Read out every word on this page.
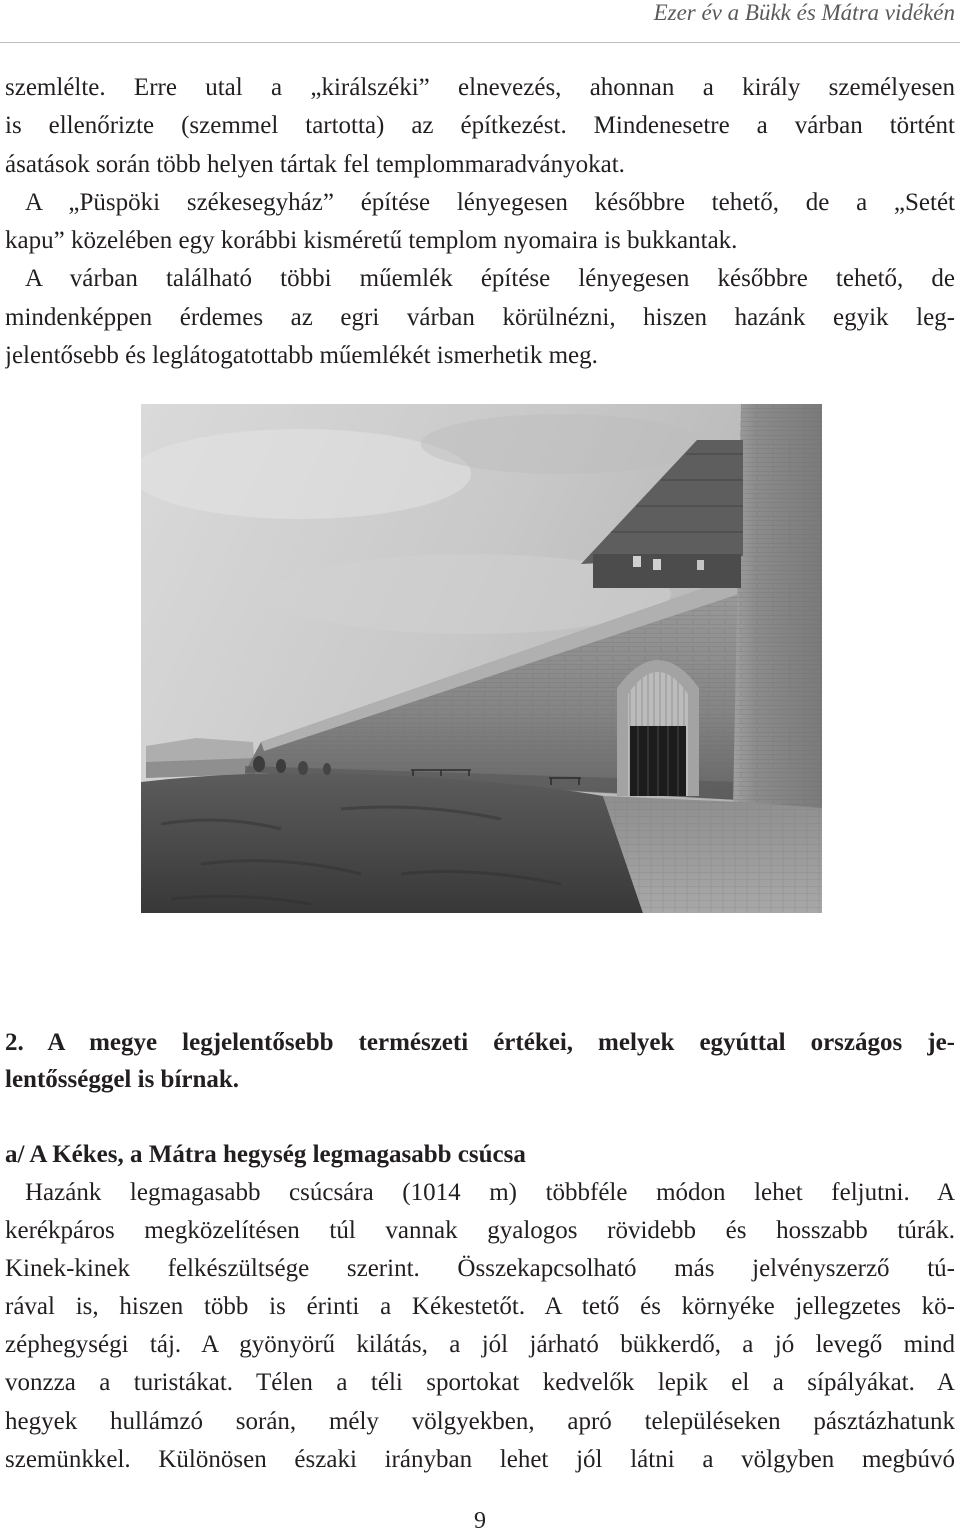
Ezer év a Bükk és Mátra vidékén
szemlélte. Erre utal a „királszéki” elnevezés, ahonnan a király személyesen
is ellenőrizte (szemmel tartotta) az építkezést. Mindenesetre a várban történt
ásatások során több helyen tártak fel templommaradványokat.
A „Püspöki székesegyház” építése lényegesen későbbre tehető, de a „Setét
kapu” közelében egy korábbi kisméretű templom nyomaira is bukkantak.
A várban található többi műemlék építése lényegesen későbbre tehető, de
mindenképpen érdemes az egri várban körülnézni, hiszen hazánk egyik leg-
jelentősebb és leglátogatottabb műemlékét ismerhetik meg.
2. A megye legjelentősebb természeti értékei, melyek egyúttal országos je-
lentősséggel is bírnak.
a/ A Kékes, a Mátra hegység legmagasabb csúcsa
Hazánk legmagasabb csúcsára (1014 m) többféle módon lehet feljutni. A
kerékpáros megközelítésen túl vannak gyalogos rövidebb és hosszabb túrák.
Kinek-kinek felkészültsége szerint. Összekapcsolható más jelvényszerző tú-
rával is, hiszen több is érinti a Kékestetőt. A tető és környéke jellegzetes kö-
zéphegységi táj. A gyönyörű kilátás, a jól járható bükkerdő, a jó levegő mind
vonzza a turistákat. Télen a téli sportokat kedvelők lepik el a sípályákat. A
hegyek hullámzó során, mély völgyekben, apró településeken pásztázhatunk
szemünkkel. Különösen északi irányban lehet jól látni a völgyben megbúvó
9
